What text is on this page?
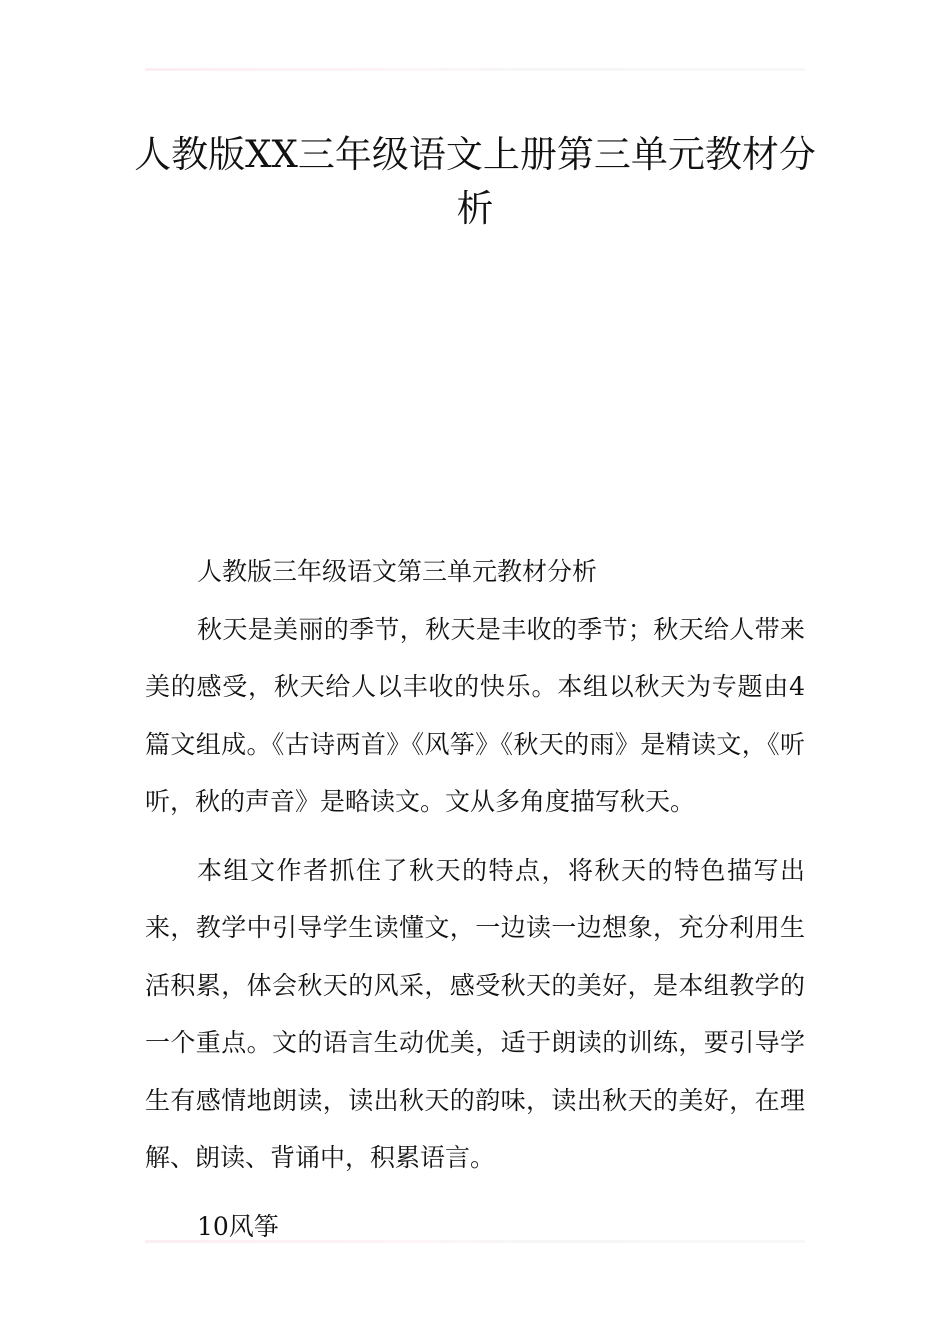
人教版XX三年级语文上册第三单元教材分析

人教版三年级语文第三单元教材分析

秋天是美丽的季节，秋天是丰收的季节；秋天给人带来美的感受，秋天给人以丰收的快乐。本组以秋天为专题由4篇文组成。《古诗两首》《风筝》《秋天的雨》是精读文，《听听，秋的声音》是略读文。文从多角度描写秋天。

本组文作者抓住了秋天的特点，将秋天的特色描写出来，教学中引导学生读懂文，一边读一边想象，充分利用生活积累，体会秋天的风采，感受秋天的美好，是本组教学的一个重点。文的语言生动优美，适于朗读的训练，要引导学生有感情地朗读，读出秋天的韵味，读出秋天的美好，在理解、朗读、背诵中，积累语言。

10风筝
